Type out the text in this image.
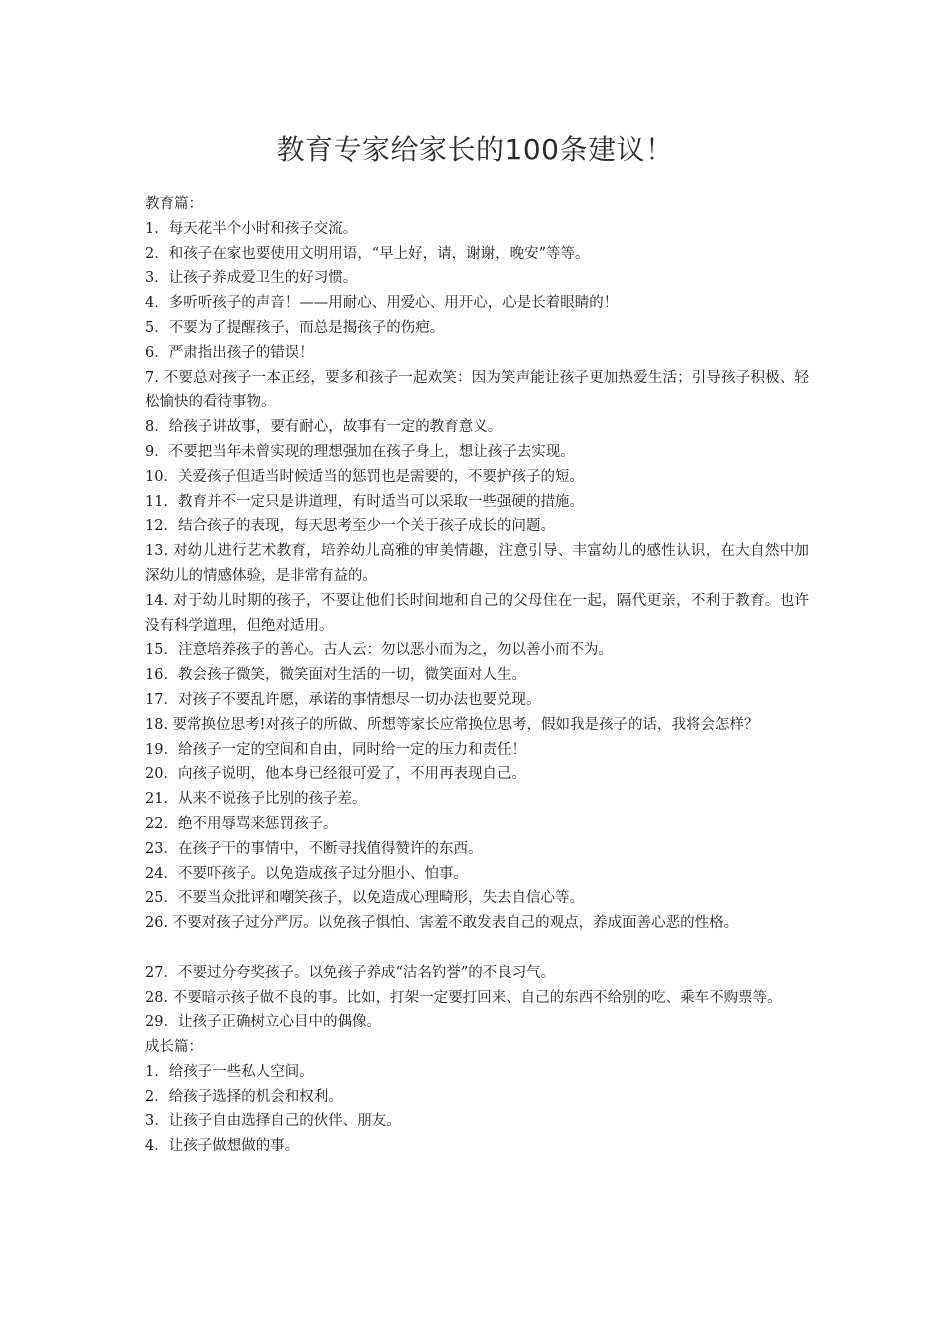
教育专家给家长的100条建议！
教育篇：
1．每天花半个小时和孩子交流。
2．和孩子在家也要使用文明用语，“早上好，请，谢谢，晚安”等等。
3．让孩子养成爱卫生的好习惯。
4．多听听孩子的声音！——用耐心、用爱心、用开心，心是长着眼睛的！
5．不要为了提醒孩子，而总是揭孩子的伤疤。
6．严肃指出孩子的错误！
7. 不要总对孩子一本正经，要多和孩子一起欢笑：因为笑声能让孩子更加热爱生活；引导孩子积极、轻松愉快的看待事物。
8．给孩子讲故事，要有耐心，故事有一定的教育意义。
9．不要把当年未曾实现的理想强加在孩子身上，想让孩子去实现。
10．关爱孩子但适当时候适当的惩罚也是需要的，不要护孩子的短。
11．教育并不一定只是讲道理，有时适当可以采取一些强硬的措施。
12．结合孩子的表现，每天思考至少一个关于孩子成长的问题。
13. 对幼儿进行艺术教育，培养幼儿高雅的审美情趣，注意引导、丰富幼儿的感性认识，在大自然中加深幼儿的情感体验，是非常有益的。
14. 对于幼儿时期的孩子，不要让他们长时间地和自己的父母住在一起，隔代更亲，不利于教育。也许没有科学道理，但绝对适用。
15．注意培养孩子的善心。古人云：勿以恶小而为之，勿以善小而不为。
16．教会孩子微笑，微笑面对生活的一切，微笑面对人生。
17．对孩子不要乱许愿，承诺的事情想尽一切办法也要兑现。
18. 要常换位思考!对孩子的所做、所想等家长应常换位思考，假如我是孩子的话，我将会怎样？
19．给孩子一定的空间和自由，同时给一定的压力和责任！
20．向孩子说明，他本身已经很可爱了，不用再表现自己。
21．从来不说孩子比别的孩子差。
22．绝不用辱骂来惩罚孩子。
23．在孩子干的事情中，不断寻找值得赞许的东西。
24．不要吓孩子。以免造成孩子过分胆小、怕事。
25．不要当众批评和嘲笑孩子，以免造成心理畸形，失去自信心等。
26. 不要对孩子过分严厉。以免孩子惧怕、害羞不敢发表自己的观点，养成面善心恶的性格。
27．不要过分夸奖孩子。以免孩子养成“沽名钓誉”的不良习气。
28. 不要暗示孩子做不良的事。比如，打架一定要打回来、自己的东西不给别的吃、乘车不购票等。
29．让孩子正确树立心目中的偶像。
成长篇：
1．给孩子一些私人空间。
2．给孩子选择的机会和权利。
3．让孩子自由选择自己的伙伴、朋友。
4．让孩子做想做的事。
